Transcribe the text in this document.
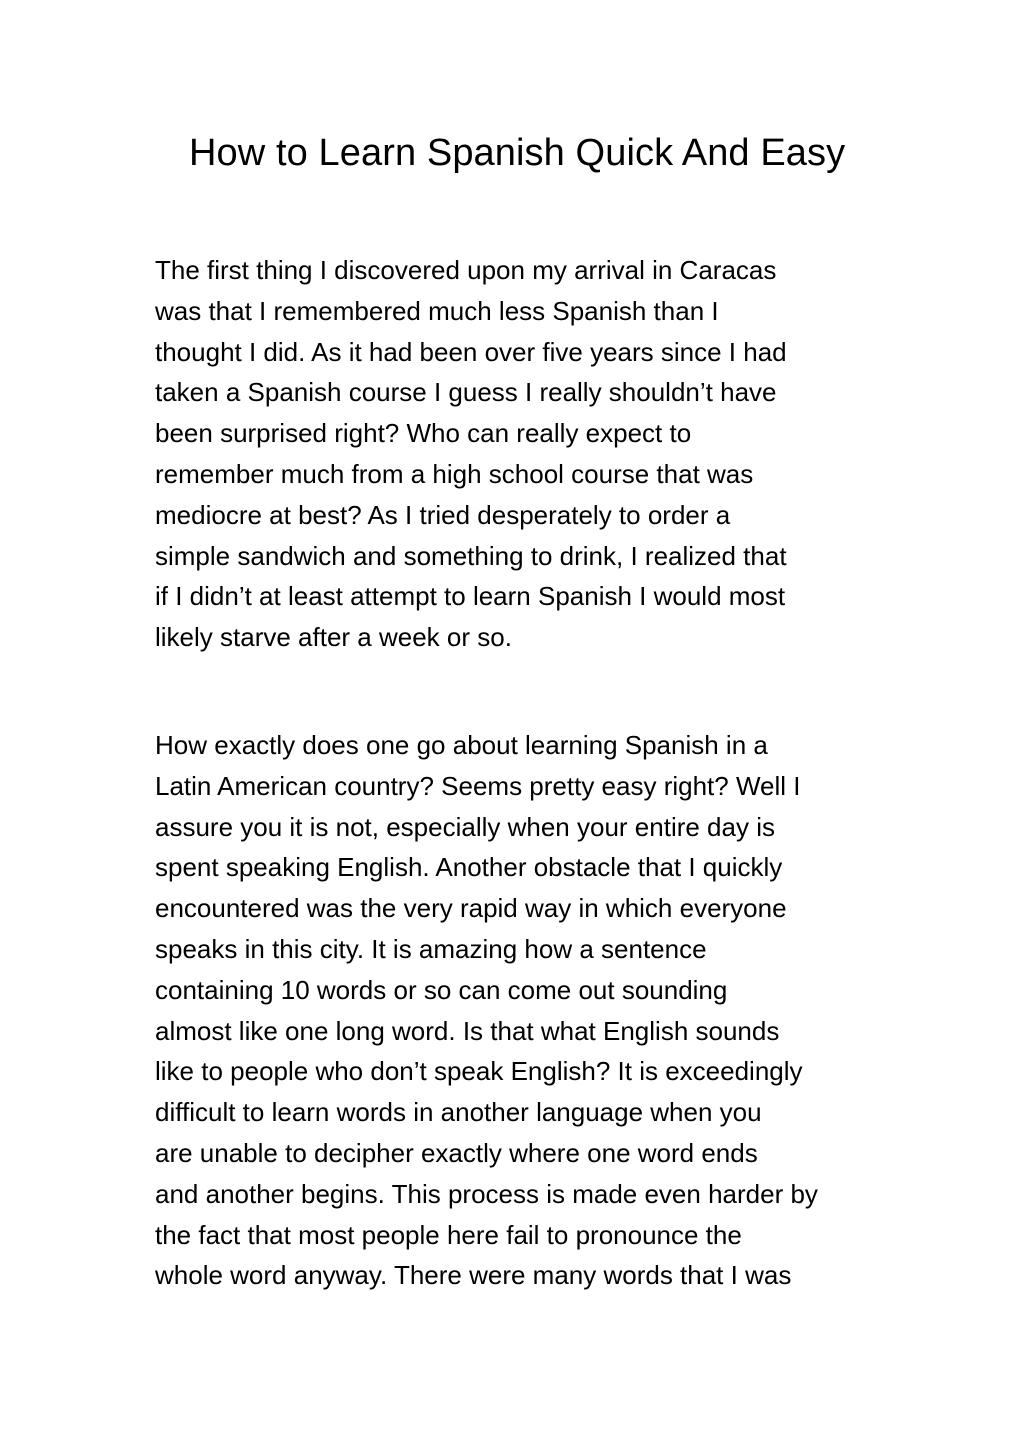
How to Learn Spanish Quick And Easy
The first thing I discovered upon my arrival in Caracas
was that I remembered much less Spanish than I
thought I did. As it had been over five years since I had
taken a Spanish course I guess I really shouldn’t have
been surprised right? Who can really expect to
remember much from a high school course that was
mediocre at best? As I tried desperately to order a
simple sandwich and something to drink, I realized that
if I didn’t at least attempt to learn Spanish I would most
likely starve after a week or so.
How exactly does one go about learning Spanish in a
Latin American country? Seems pretty easy right? Well I
assure you it is not, especially when your entire day is
spent speaking English. Another obstacle that I quickly
encountered was the very rapid way in which everyone
speaks in this city. It is amazing how a sentence
containing 10 words or so can come out sounding
almost like one long word. Is that what English sounds
like to people who don’t speak English? It is exceedingly
difficult to learn words in another language when you
are unable to decipher exactly where one word ends
and another begins. This process is made even harder by
the fact that most people here fail to pronounce the
whole word anyway. There were many words that I was
